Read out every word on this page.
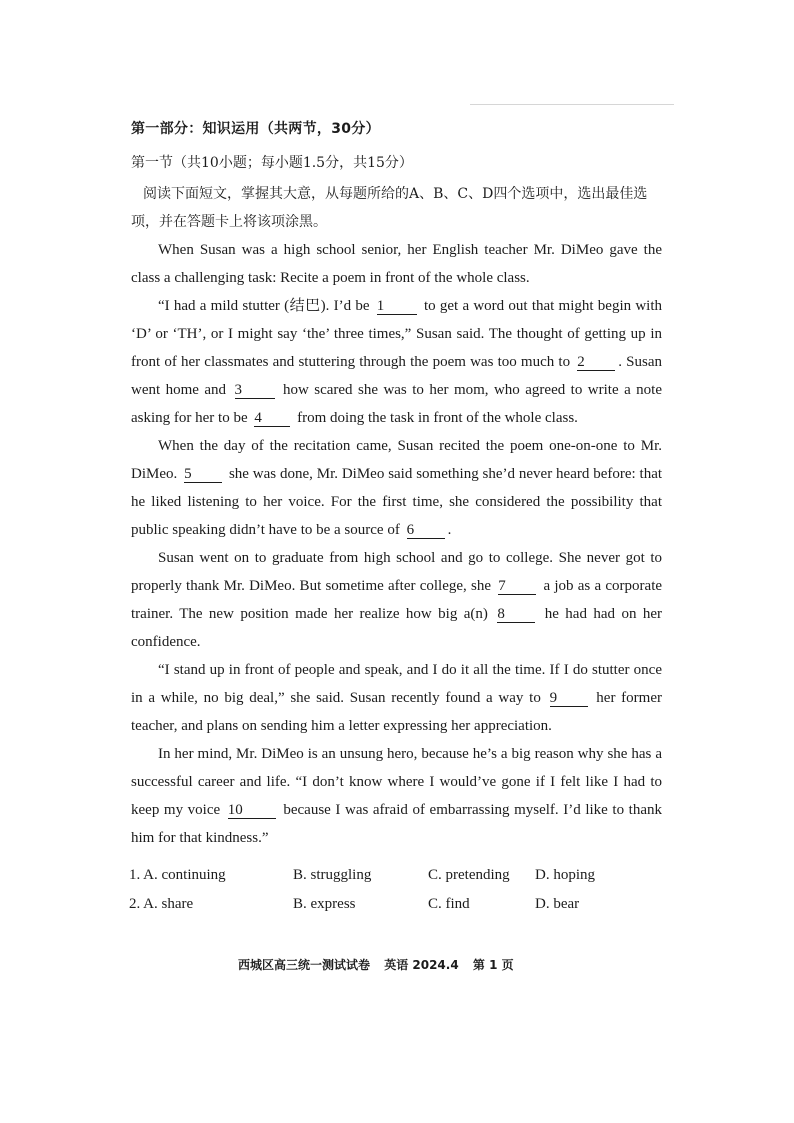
第一部分：知识运用（共两节，30分）
第一节（共10小题；每小题1.5分，共15分）
阅读下面短文，掌握其大意，从每题所给的A、B、C、D四个选项中，选出最佳选项，并在答题卡上将该项涂黑。

When Susan was a high school senior, her English teacher Mr. DiMeo gave the class a challenging task: Recite a poem in front of the whole class.

“I had a mild stutter (结巴). I’d be 1	to get a word out that might begin with ‘D’ or ‘TH’, or I might say ‘the’ three times,” Susan said. The thought of getting up in front of her classmates and stuttering through the poem was too much to 2 . Susan went home and 3	how scared she was to her mom, who agreed to write a note asking for her to be 4 from doing the task in front of the whole class.

When the day of the recitation came, Susan recited the poem one-on-one to Mr. DiMeo. 5 she was done, Mr. DiMeo said something she’d never heard before: that he liked listening to her voice. For the first time, she considered the possibility that public speaking didn’t have to be a source of 6 .

Susan went on to graduate from high school and go to college. She never got to properly thank Mr. DiMeo. But sometime after college, she 7	a job as a corporate trainer. The new position made her realize how big a(n) 8	he had had on her confidence.

“I stand up in front of people and speak, and I do it all the time. If I do stutter once in a while, no big deal,” she said. Susan recently found a way to 9	her former teacher, and plans on sending him a letter expressing her appreciation.

In her mind, Mr. DiMeo is an unsung hero, because he’s a big reason why she has a successful career and life. “I don’t know where I would’ve gone if I felt like I had to keep my voice 10	because I was afraid of embarrassing myself. I’d like to thank him for that kindness.”

1. A. continuing	B. struggling	C. pretending D. hoping
2. A. share	B. express	C. find	D. bear
西城区高三统一测试试卷 英语 2024.4 第 1 页
